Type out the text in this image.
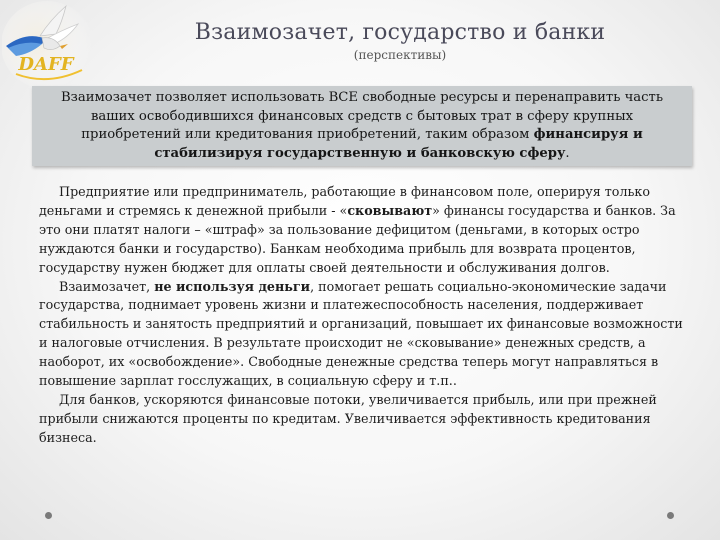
DAFF
Взаимозачет, государство и банки
(перспективы)

Взаимозачет позволяет использовать ВСЕ свободные ресурсы и перенаправить часть ваших освободившихся финансовых средств с бытовых трат в сферу крупных приобретений или кредитования приобретений, таким образом финансируя и стабилизируя государственную и банковскую сферу.

Предприятие или предприниматель, работающие в финансовом поле, оперируя только деньгами и стремясь к денежной прибыли - «сковывают» финансы государства и банков. За это они платят налоги – «штраф» за пользование дефицитом (деньгами, в которых остро нуждаются банки и государство). Банкам необходима прибыль для возврата процентов, государству нужен бюджет для оплаты своей деятельности и обслуживания долгов.

Взаимозачет, не используя деньги, помогает решать социально-экономические задачи государства, поднимает уровень жизни и платежеспособность населения, поддерживает стабильность и занятость предприятий и организаций, повышает их финансовые возможности и налоговые отчисления. В результате происходит не «сковывание» денежных средств, а наоборот, их «освобождение». Свободные денежные средства теперь могут направляться в повышение зарплат госслужащих, в социальную сферу и т.п..

Для банков, ускоряются финансовые потоки, увеличивается прибыль, или при прежней прибыли снижаются проценты по кредитам. Увеличивается эффективность кредитования бизнеса.
